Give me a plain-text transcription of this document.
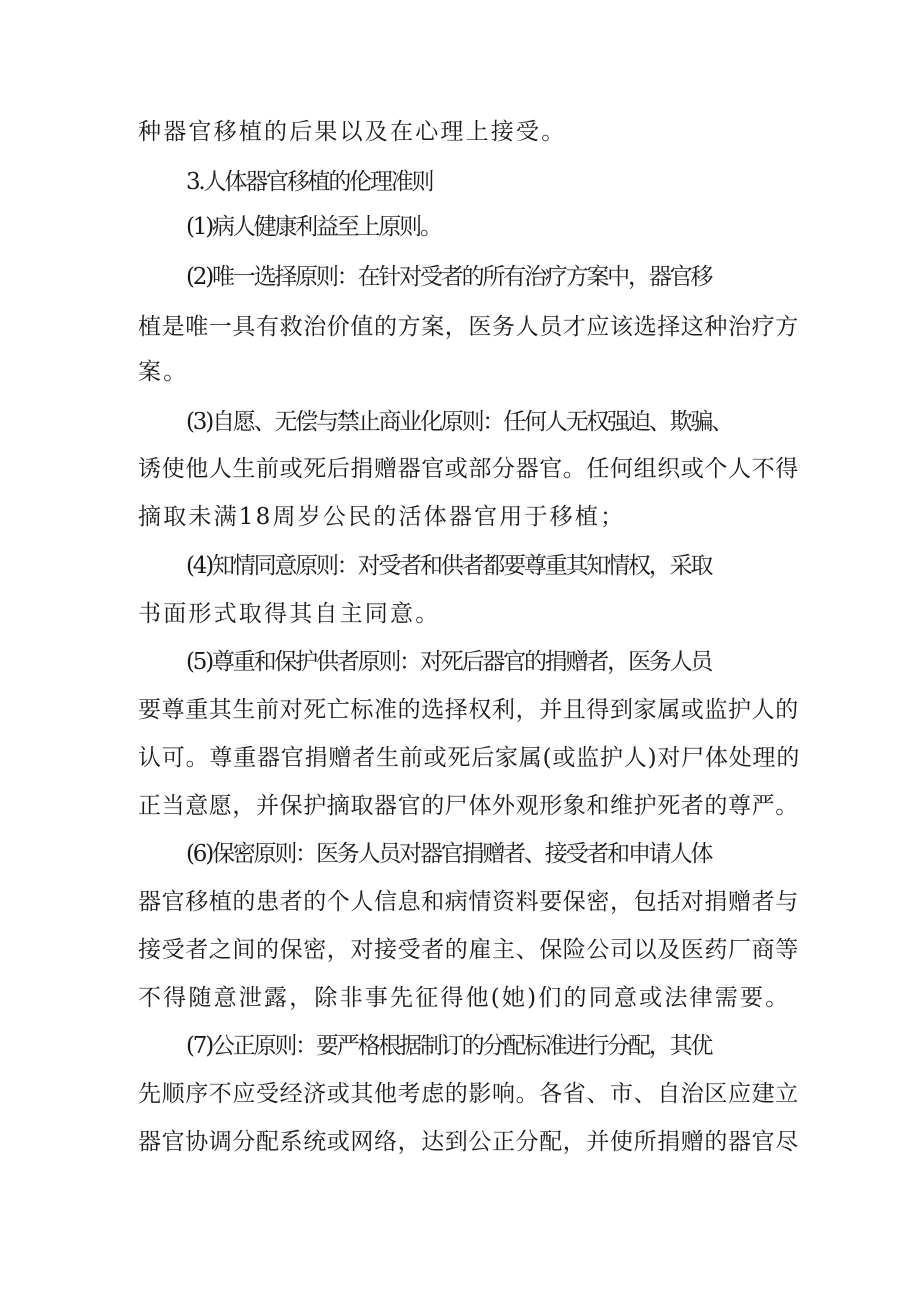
种器官移植的后果以及在心理上接受。
3.人体器官移植的伦理准则
(1)病人健康利益至上原则。
(2)唯一选择原则：在针对受者的所有治疗方案中，器官移
植是唯一具有救治价值的方案，医务人员才应该选择这种治疗方
案。
(3)自愿、无偿与禁止商业化原则：任何人无权强迫、欺骗、
诱使他人生前或死后捐赠器官或部分器官。任何组织或个人不得
摘取未满18周岁公民的活体器官用于移植；
(4)知情同意原则：对受者和供者都要尊重其知情权，采取
书面形式取得其自主同意。
(5)尊重和保护供者原则：对死后器官的捐赠者，医务人员
要尊重其生前对死亡标准的选择权利，并且得到家属或监护人的
认可。尊重器官捐赠者生前或死后家属(或监护人)对尸体处理的
正当意愿，并保护摘取器官的尸体外观形象和维护死者的尊严。
(6)保密原则：医务人员对器官捐赠者、接受者和申请人体
器官移植的患者的个人信息和病情资料要保密，包括对捐赠者与
接受者之间的保密，对接受者的雇主、保险公司以及医药厂商等
不得随意泄露，除非事先征得他(她)们的同意或法律需要。
(7)公正原则：要严格根据制订的分配标准进行分配，其优
先顺序不应受经济或其他考虑的影响。各省、市、自治区应建立
器官协调分配系统或网络，达到公正分配，并使所捐赠的器官尽
